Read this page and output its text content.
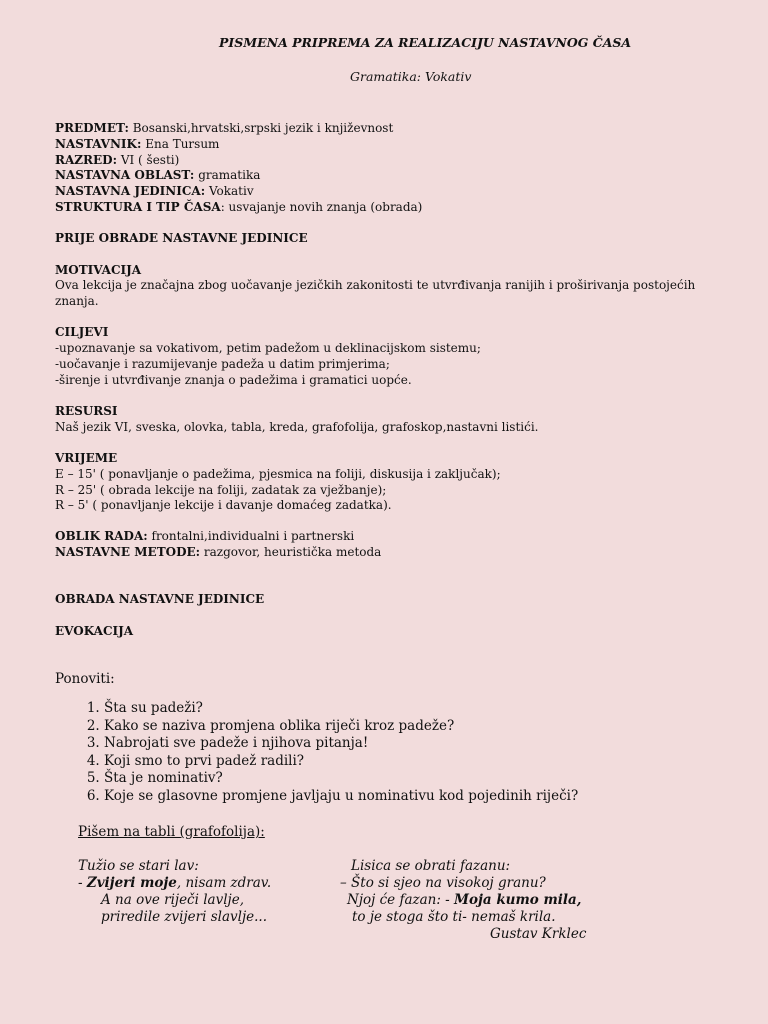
PISMENA PRIPREMA ZA REALIZACIJU NASTAVNOG ČASA
Gramatika: Vokativ
PREDMET: Bosanski,hrvatski,srpski jezik i književnost
NASTAVNIK: Ena Tursum
RAZRED: VI ( šesti)
NASTAVNA OBLAST: gramatika
NASTAVNA JEDINICA: Vokativ
STRUKTURA I TIP ČASA: usvajanje novih znanja (obrada)
PRIJE OBRADE NASTAVNE JEDINICE
MOTIVACIJA
Ova lekcija je značajna zbog uočavanje jezičkih zakonitosti te utvrđivanja ranijih i proširivanja postojećih
znanja.
CILJEVI
-upoznavanje sa vokativom, petim padežom u deklinacijskom sistemu;
-uočavanje i razumijevanje padeža u datim primjerima;
-širenje i utvrđivanje znanja o padežima i gramatici uopće.
RESURSI
Naš jezik VI, sveska, olovka, tabla, kreda, grafofolija, grafoskop,nastavni listići.
VRIJEME
E – 15' ( ponavljanje o padežima, pjesmica na foliji, diskusija i zaključak);
R – 25' ( obrada lekcije na foliji, zadatak za vježbanje);
R – 5' ( ponavljanje lekcije i davanje domaćeg zadatka).
OBLIK RADA: frontalni,individualni i partnerski
NASTAVNE METODE: razgovor, heuristička metoda
OBRADA NASTAVNE JEDINICE
EVOKACIJA
Ponoviti:
1. Šta su padeži?
2. Kako se naziva promjena oblika riječi kroz padeže?
3. Nabrojati sve padeže i njihova pitanja!
4. Koji smo to prvi padež radili?
5. Šta je nominativ?
6. Koje se glasovne promjene javljaju u nominativu kod pojedinih riječi?
Pišem na tabli (grafofolija):
Tužio se stari lav:
- Zvijeri moje, nisam zdrav.
A na ove riječi lavlje,
priredile zvijeri slavlje...
Lisica se obrati fazanu:
– Što si sjeo na visokoj granu?
Njoj će fazan: - Moja kumo mila,
to je stoga što ti- nemaš krila.
Gustav Krklec
